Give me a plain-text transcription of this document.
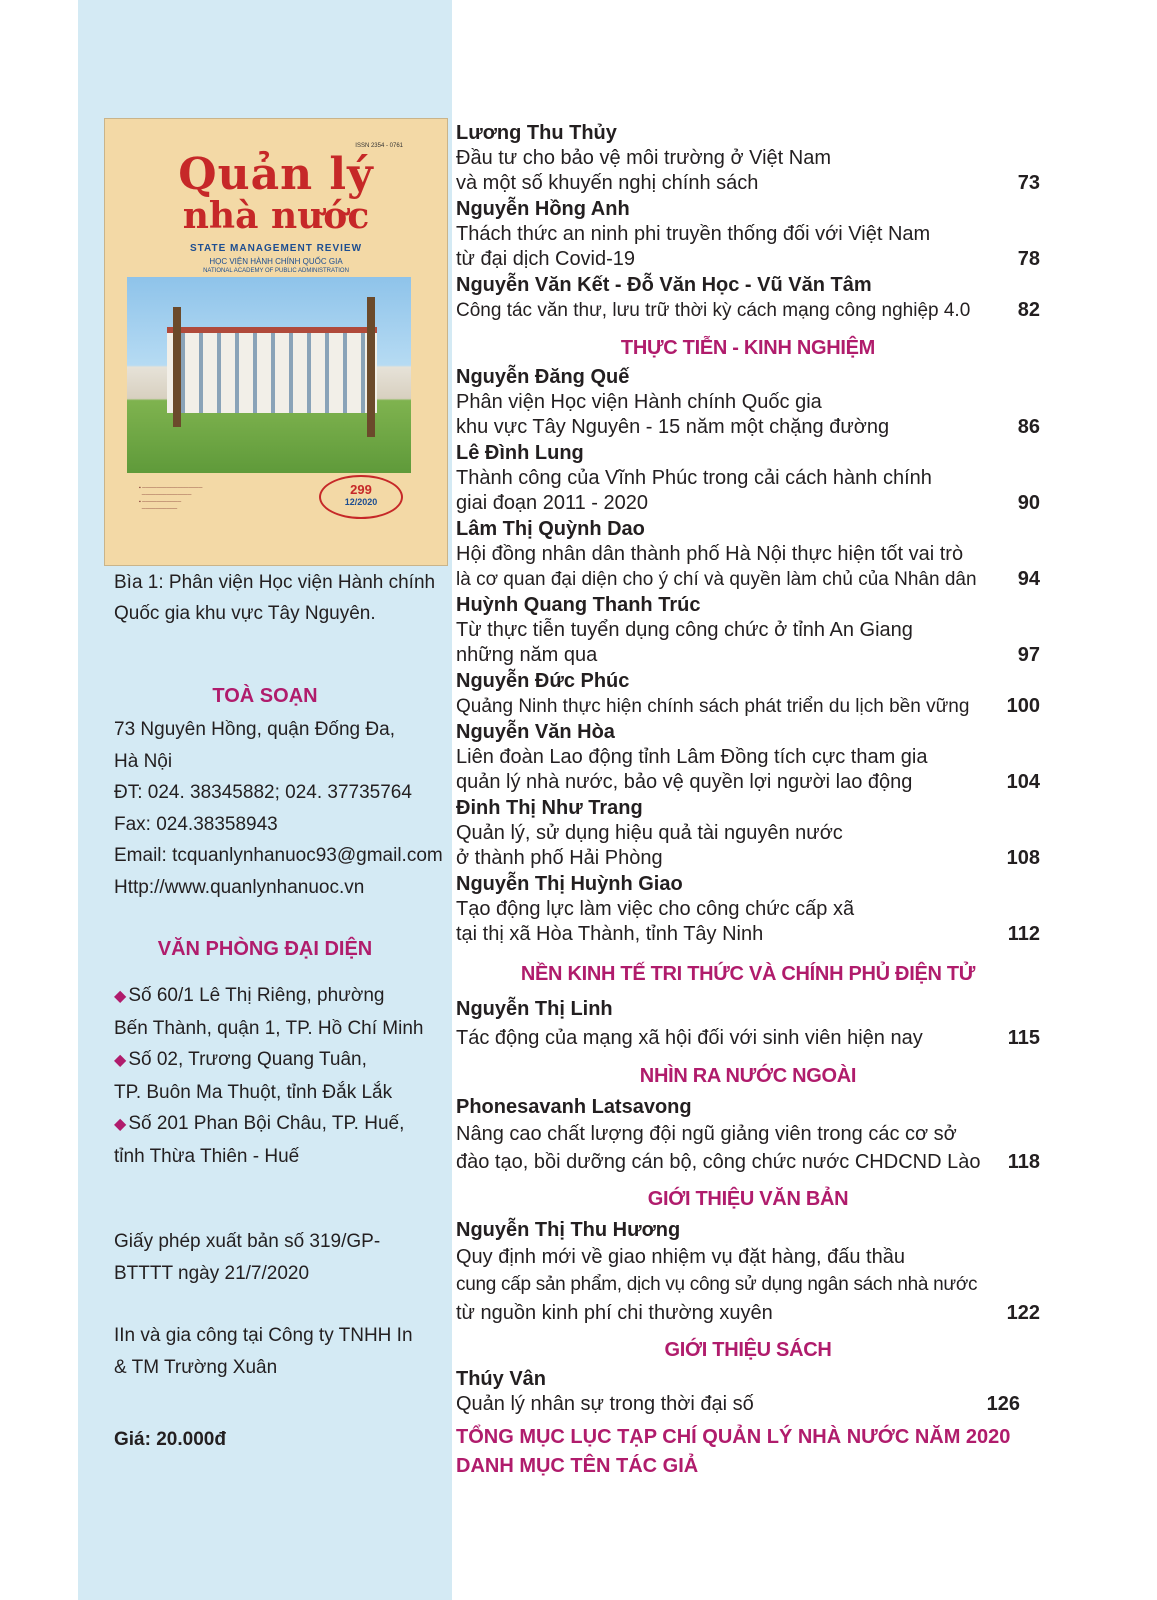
ISSN 2354 - 0761
Quản lý
nhà nước
STATE MANAGEMENT REVIEW
HỌC VIỆN HÀNH CHÍNH QUỐC GIA
NATIONAL ACADEMY OF PUBLIC ADMINISTRATION
▪ ─────────────────
──────────────
▪ ───────────
──────────
299
12/2020
Bìa 1: Phân viện Học viện Hành chính Quốc gia khu vực Tây Nguyên.
TOÀ SOẠN
73 Nguyên Hồng, quận Đống Đa,
Hà Nội
ĐT: 024. 38345882; 024. 37735764
Fax: 024.38358943
Email: tcquanlynhanuoc93@gmail.com
Http://www.quanlynhanuoc.vn
VĂN PHÒNG ĐẠI DIỆN
◆ Số 60/1 Lê Thị Riêng, phường
Bến Thành, quận 1, TP. Hồ Chí Minh
◆ Số 02, Trương Quang Tuân,
TP. Buôn Ma Thuột, tỉnh Đắk Lắk
◆ Số 201 Phan Bội Châu, TP. Huế,
tỉnh Thừa Thiên - Huế
Giấy phép xuất bản số 319/GP-
BTTTT ngày 21/7/2020
IIn và gia công tại Công ty TNHH In
& TM Trường Xuân
Giá: 20.000đ
Lương Thu Thủy
Đầu tư cho bảo vệ môi trường ở Việt Nam
và một số khuyến nghị chính sách	73
Nguyễn Hồng Anh
Thách thức an ninh phi truyền thống đối với Việt Nam
từ đại dịch Covid-19	78
Nguyễn Văn Kết - Đỗ Văn Học - Vũ Văn Tâm
Công tác văn thư, lưu trữ thời kỳ cách mạng công nghiệp 4.0 82
THỰC TIỄN - KINH NGHIỆM
Nguyễn Đăng Quế
Phân viện Học viện Hành chính Quốc gia
khu vực Tây Nguyên - 15 năm một chặng đường	86
Lê Đình Lung
Thành công của Vĩnh Phúc trong cải cách hành chính
giai đoạn 2011 - 2020	90
Lâm Thị Quỳnh Dao
Hội đồng nhân dân thành phố Hà Nội thực hiện tốt vai trò
là cơ quan đại diện cho ý chí và quyền làm chủ của Nhân dân 94
Huỳnh Quang Thanh Trúc
Từ thực tiễn tuyển dụng công chức ở tỉnh An Giang
những năm qua	97
Nguyễn Đức Phúc
Quảng Ninh thực hiện chính sách phát triển du lịch bền vững 100
Nguyễn Văn Hòa
Liên đoàn Lao động tỉnh Lâm Đồng tích cực tham gia
quản lý nhà nước, bảo vệ quyền lợi người lao động	104
Đinh Thị Như Trang
Quản lý, sử dụng hiệu quả tài nguyên nước
ở thành phố Hải Phòng	108
Nguyễn Thị Huỳnh Giao
Tạo động lực làm việc cho công chức cấp xã
tại thị xã Hòa Thành, tỉnh Tây Ninh	112
NỀN KINH TẾ TRI THỨC VÀ CHÍNH PHỦ ĐIỆN TỬ
Nguyễn Thị Linh
Tác động của mạng xã hội đối với sinh viên hiện nay	115
NHÌN RA NƯỚC NGOÀI
Phonesavanh Latsavong
Nâng cao chất lượng đội ngũ giảng viên trong các cơ sở
đào tạo, bồi dưỡng cán bộ, công chức nước CHDCND Lào 118
GIỚI THIỆU VĂN BẢN
Nguyễn Thị Thu Hương
Quy định mới về giao nhiệm vụ đặt hàng, đấu thầu
cung cấp sản phẩm, dịch vụ công sử dụng ngân sách nhà nước
từ nguồn kinh phí chi thường xuyên	122
GIỚI THIỆU SÁCH
Thúy Vân
Quản lý nhân sự trong thời đại số	126
TỔNG MỤC LỤC TẠP CHÍ QUẢN LÝ NHÀ NƯỚC NĂM 2020
DANH MỤC TÊN TÁC GIẢ
